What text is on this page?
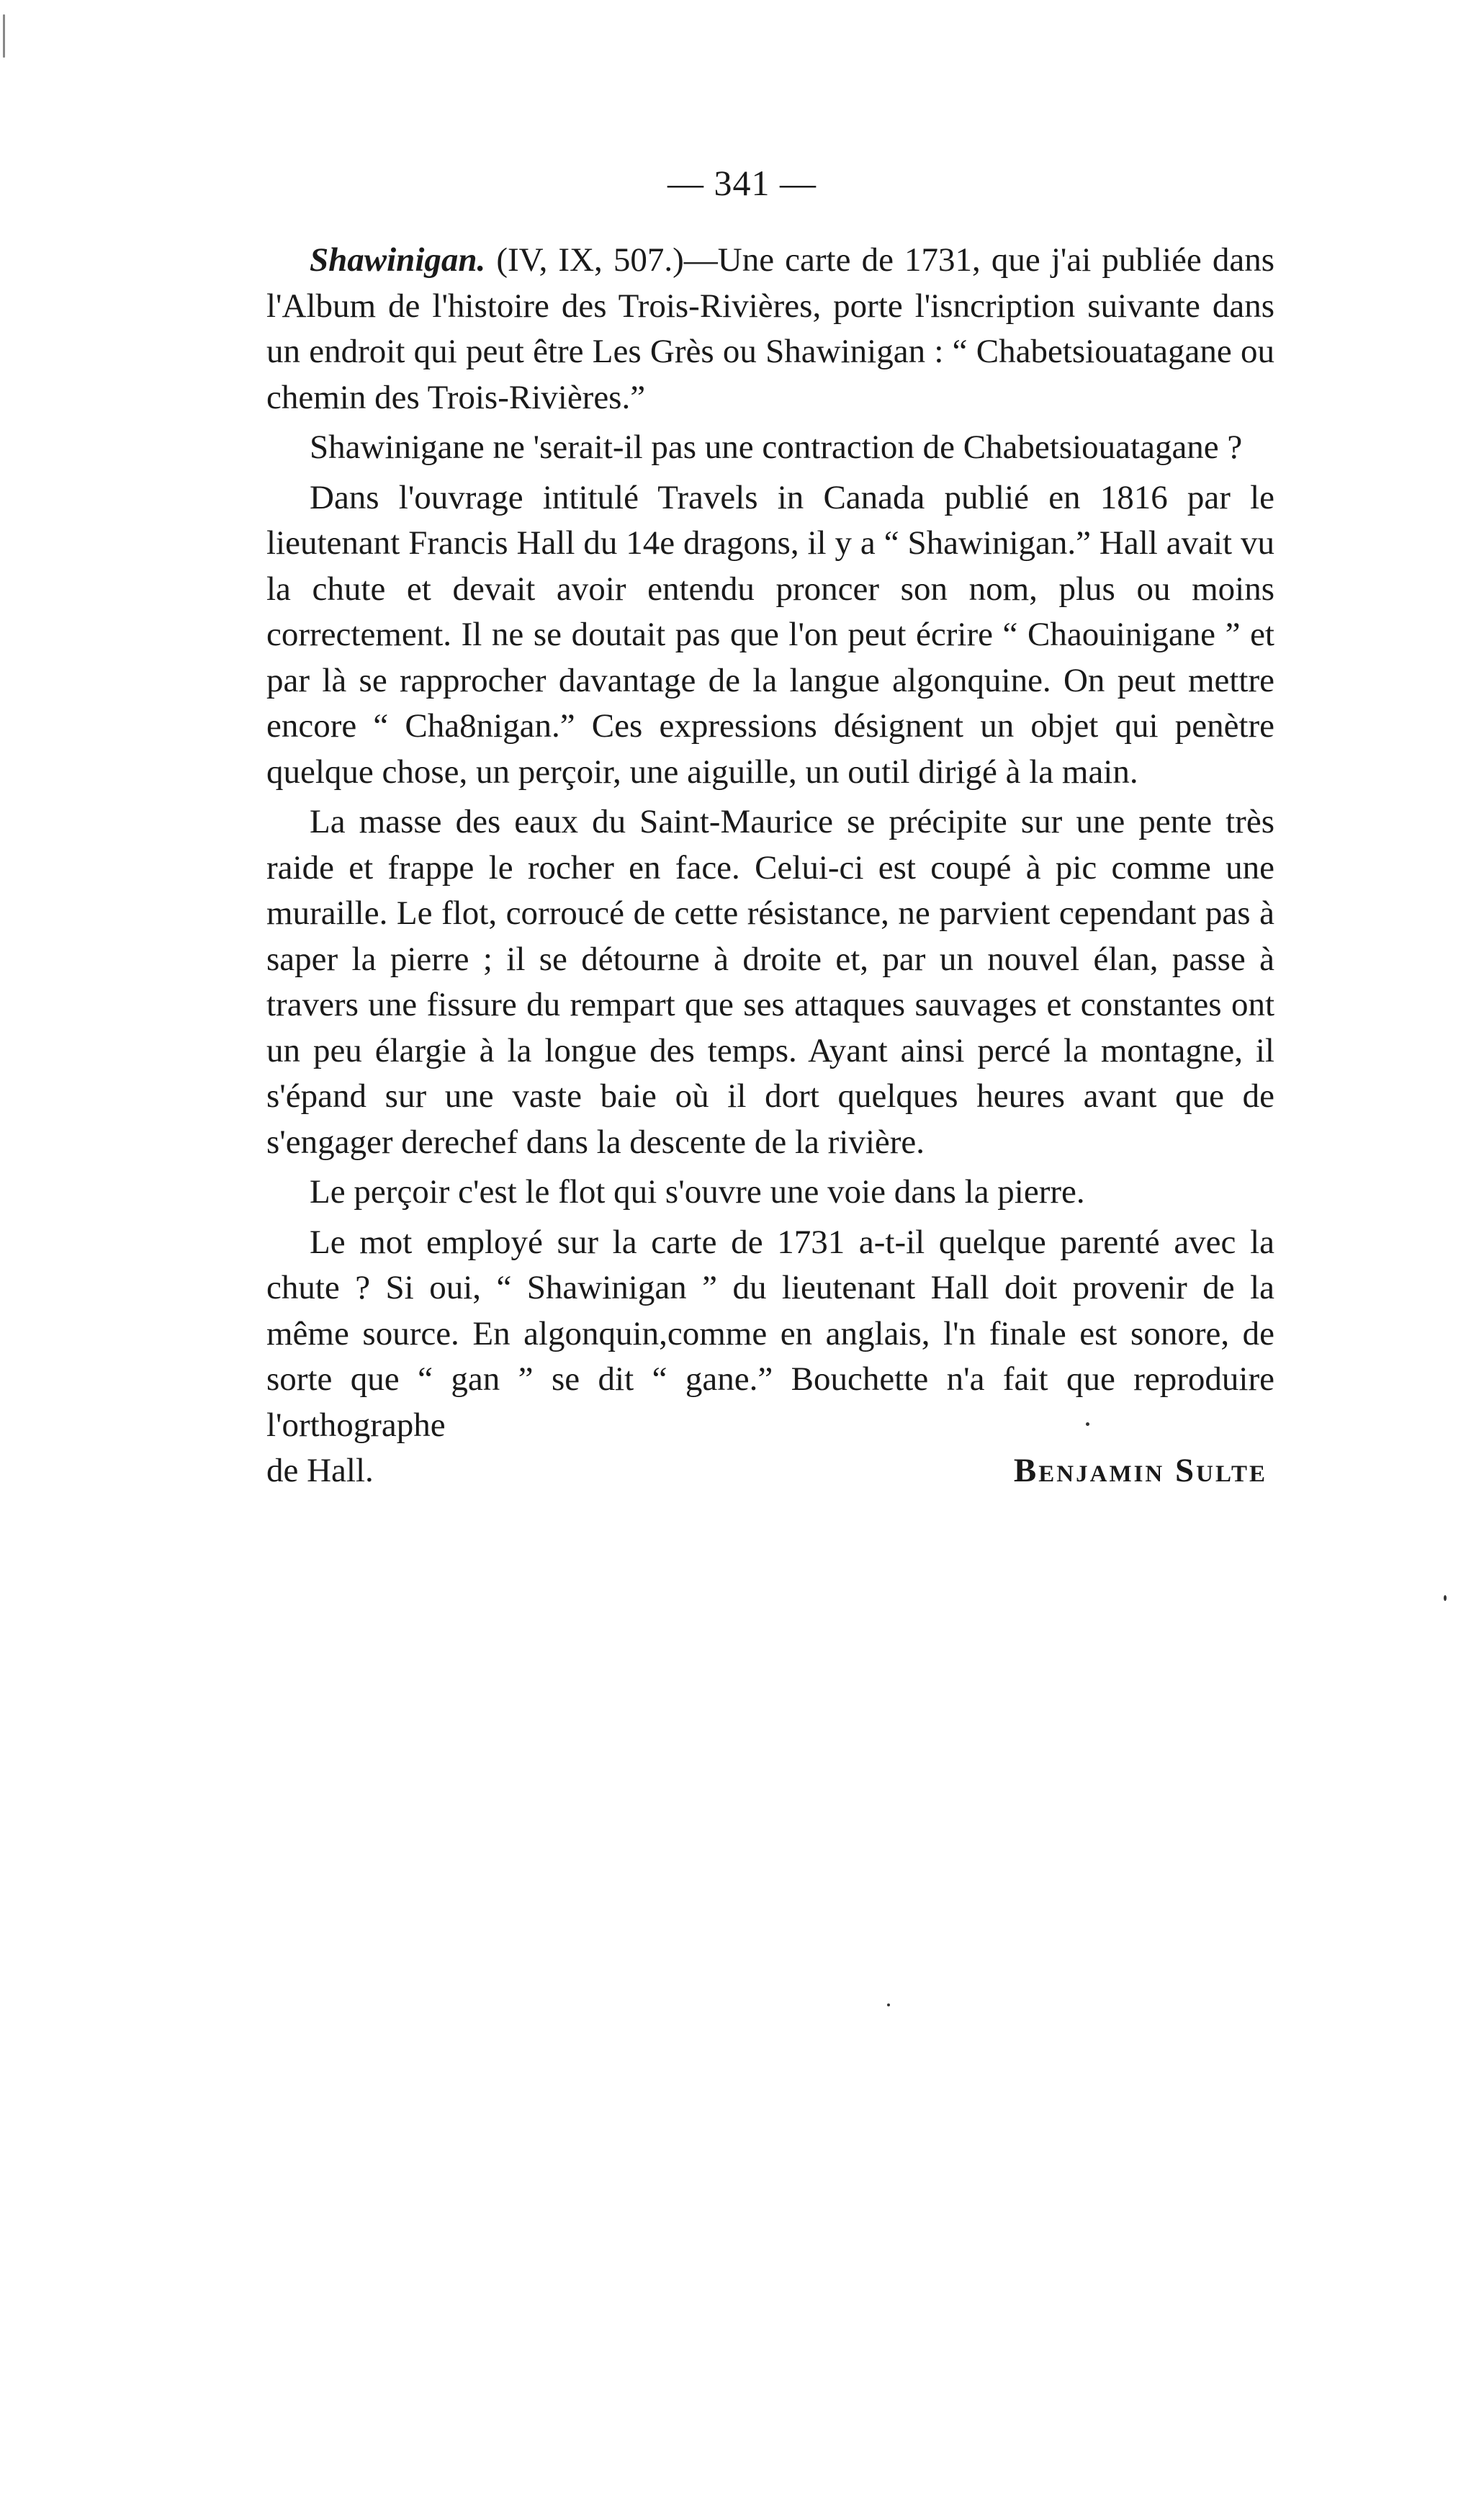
— 341 —

Shawinigan. (IV, IX, 507.)—Une carte de 1731, que j'ai publiée dans l'Album de l'histoire des Trois-Rivières, porte l'isncription suivante dans un endroit qui peut être Les Grès ou Shawinigan : “ Chabetsiouatagane ou chemin des Trois-Rivières.”

Shawinigane ne 'serait-il pas une contraction de Chabetsiouatagane ?

Dans l'ouvrage intitulé Travels in Canada publié en 1816 par le lieutenant Francis Hall du 14e dragons, il y a “ Shawinigan.” Hall avait vu la chute et devait avoir entendu proncer son nom, plus ou moins correctement. Il ne se doutait pas que l'on peut écrire “ Chaouinigane ” et par là se rapprocher davantage de la langue algonquine. On peut mettre encore “ Cha8nigan.” Ces expressions désignent un objet qui penètre quelque chose, un perçoir, une aiguille, un outil dirigé à la main.

La masse des eaux du Saint-Maurice se précipite sur une pente très raide et frappe le rocher en face. Celui-ci est coupé à pic comme une muraille. Le flot, corroucé de cette résistance, ne parvient cependant pas à saper la pierre ; il se détourne à droite et, par un nouvel élan, passe à travers une fissure du rempart que ses attaques sauvages et constantes ont un peu élargie à la longue des temps. Ayant ainsi percé la montagne, il s'épand sur une vaste baie où il dort quelques heures avant que de s'engager derechef dans la descente de la rivière.

Le perçoir c'est le flot qui s'ouvre une voie dans la pierre.

Le mot employé sur la carte de 1731 a-t-il quelque parenté avec la chute ? Si oui, “ Shawinigan ” du lieutenant Hall doit provenir de la même source. En algonquin,comme en anglais, l'n finale est sonore, de sorte que “ gan ” se dit “ gane.” Bouchette n'a fait que reproduire l'orthographe

de Hall.	Benjamin Sulte
